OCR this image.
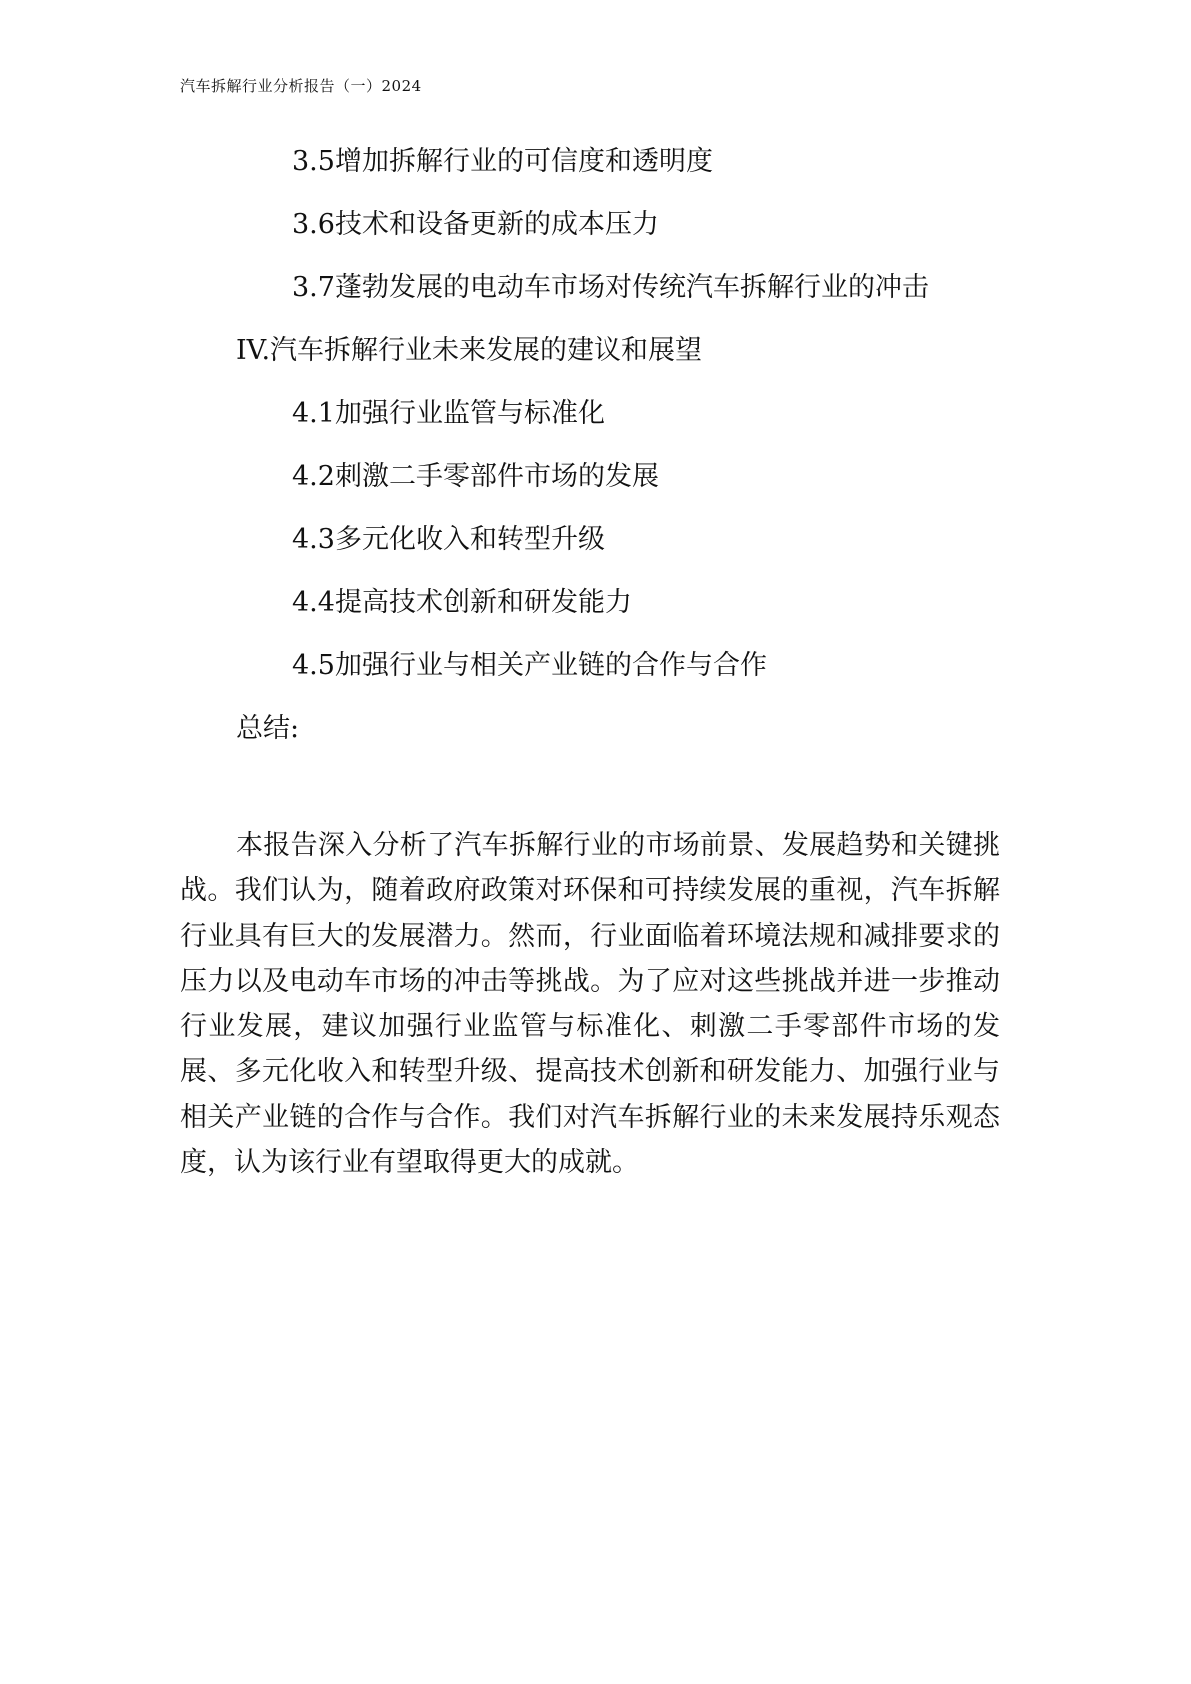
汽车拆解行业分析报告（一）2024
3.5增加拆解行业的可信度和透明度
3.6技术和设备更新的成本压力
3.7蓬勃发展的电动车市场对传统汽车拆解行业的冲击
IV.汽车拆解行业未来发展的建议和展望
4.1加强行业监管与标准化
4.2刺激二手零部件市场的发展
4.3多元化收入和转型升级
4.4提高技术创新和研发能力
4.5加强行业与相关产业链的合作与合作
总结:

本报告深入分析了汽车拆解行业的市场前景、发展趋势和关键挑战。我们认为，随着政府政策对环保和可持续发展的重视，汽车拆解行业具有巨大的发展潜力。然而，行业面临着环境法规和减排要求的压力以及电动车市场的冲击等挑战。为了应对这些挑战并进一步推动行业发展，建议加强行业监管与标准化、刺激二手零部件市场的发展、多元化收入和转型升级、提高技术创新和研发能力、加强行业与相关产业链的合作与合作。我们对汽车拆解行业的未来发展持乐观态度，认为该行业有望取得更大的成就。
